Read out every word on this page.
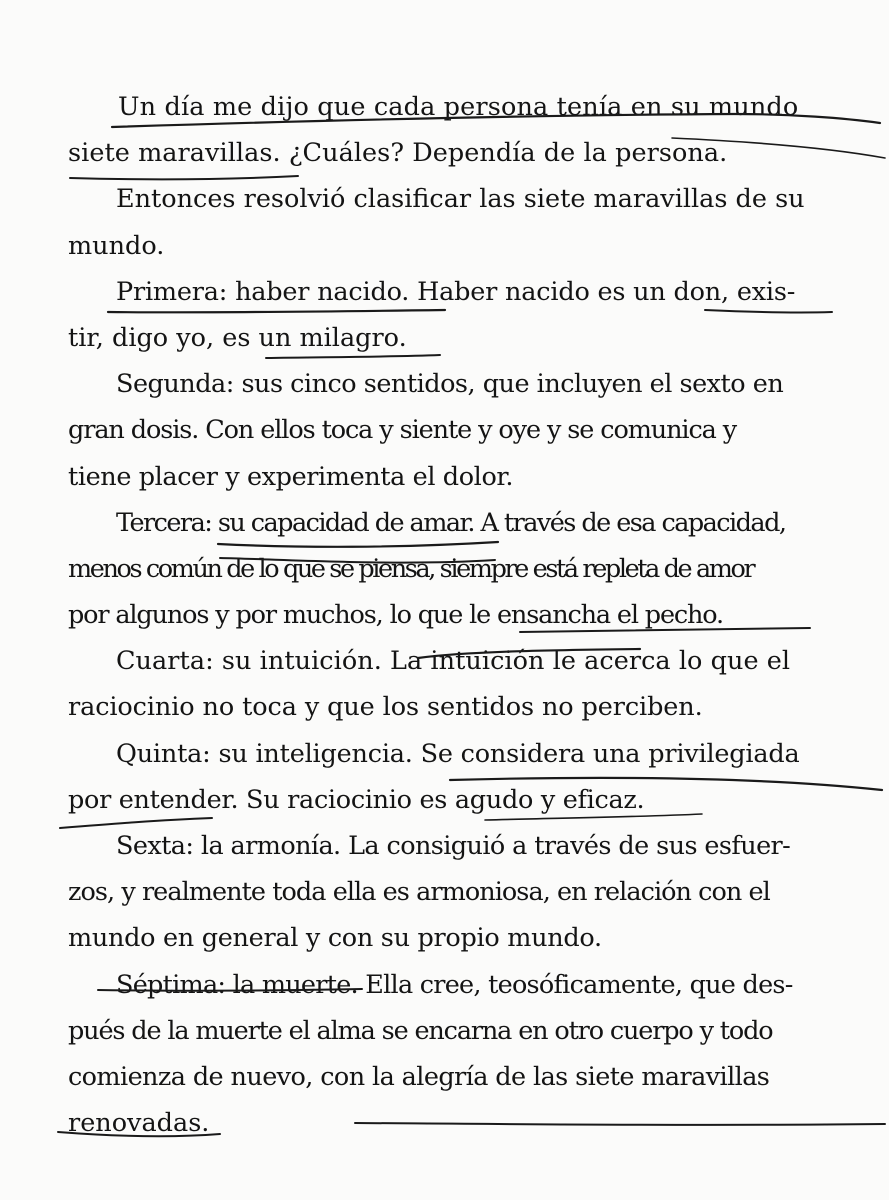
Un día me dijo que cada persona tenía en su mundo
siete maravillas. ¿Cuáles? Dependía de la persona.
Entonces resolvió clasificar las siete maravillas de su
mundo.
Primera: haber nacido. Haber nacido es un don, exis-
tir, digo yo, es un milagro.
Segunda: sus cinco sentidos, que incluyen el sexto en
gran dosis. Con ellos toca y siente y oye y se comunica y
tiene placer y experimenta el dolor.
Tercera: su capacidad de amar. A través de esa capacidad,
menos común de lo que se piensa, siempre está repleta de amor
por algunos y por muchos, lo que le ensancha el pecho.
Cuarta: su intuición. La intuición le acerca lo que el
raciocinio no toca y que los sentidos no perciben.
Quinta: su inteligencia. Se considera una privilegiada
por entender. Su raciocinio es agudo y eficaz.
Sexta: la armonía. La consiguió a través de sus esfuer-
zos, y realmente toda ella es armoniosa, en relación con el
mundo en general y con su propio mundo.
Séptima: la muerte. Ella cree, teosóficamente, que des-
pués de la muerte el alma se encarna en otro cuerpo y todo
comienza de nuevo, con la alegría de las siete maravillas
renovadas.
